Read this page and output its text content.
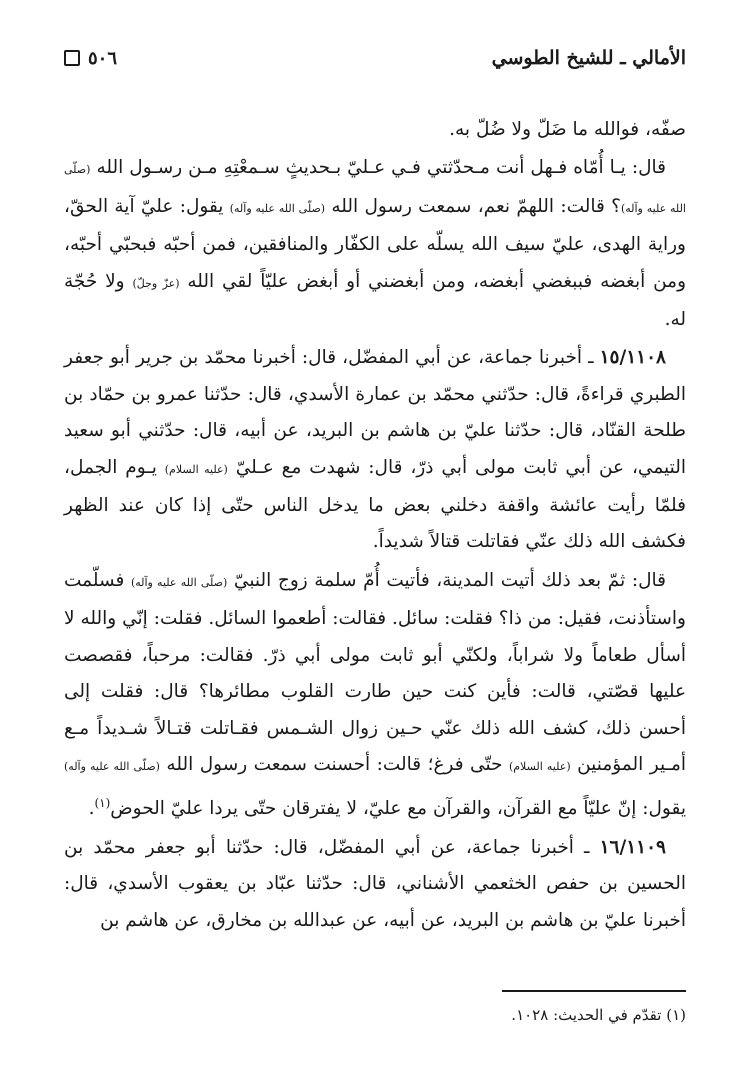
الأمالي ـ للشيخ الطوسي
٥٠٦

صفّه، فوالله ما ضَلّ ولا ضُلّ به.

قال: يـا أُمّاه فـهل أنت مـحدّثتي فـي عـليّ بـحديثٍ سـمعْتِهِ مـن رسـول الله (صلّى الله عليه وآله)؟ قالت: اللهمّ نعم، سمعت رسول الله (صلّى الله عليه وآله) يقول: عليّ آية الحقّ، وراية الهدى، عليّ سيف الله يسلّه على الكفّار والمنافقين، فمن أحبّه فبحبّي أحبّه، ومن أبغضه فببغضي أبغضه، ومن أبغضني أو أبغض عليّاً لقي الله (عزّ وجلّ) ولا حُجّة له.

١٥/١١٠٨ ـ أخبرنا جماعة، عن أبي المفضّل، قال: أخبرنا محمّد بن جرير أبو جعفر الطبري قراءةً، قال: حدّثني محمّد بن عمارة الأسدي، قال: حدّثنا عمرو بن حمّاد بن طلحة القنّاد، قال: حدّثنا عليّ بن هاشم بن البريد، عن أبيه، قال: حدّثني أبو سعيد التيمي، عن أبي ثابت مولى أبي ذرّ، قال: شهدت مع عـليّ (عليه السلام) يـوم الجمل، فلمّا رأيت عائشة واقفة دخلني بعض ما يدخل الناس حتّى إذا كان عند الظهر فكشف الله ذلك عنّي فقاتلت قتالاً شديداً.

قال: ثمّ بعد ذلك أتيت المدينة، فأتيت أُمّ سلمة زوج النبيّ (صلّى الله عليه وآله) فسلّمت واستأذنت، فقيل: من ذا؟ فقلت: سائل. فقالت: أطعموا السائل. فقلت: إنّي والله لا أسأل طعاماً ولا شراباً، ولكنّي أبو ثابت مولى أبي ذرّ. فقالت: مرحباً، فقصصت عليها قصّتي، قالت: فأين كنت حين طارت القلوب مطائرها؟ قال: فقلت إلى أحسن ذلك، كشف الله ذلك عنّي حـين زوال الشـمس فقـاتلت قتـالاً شـديداً مـع أمـير المؤمنين (عليه السلام) حتّى فرغ؛ قالت: أحسنت سمعت رسول الله (صلّى الله عليه وآله) يقول: إنّ عليّاً مع القرآن، والقرآن مع عليّ، لا يفترقان حتّى يردا عليّ الحوض$^{(١)}$.

١٦/١١٠٩ ـ أخبرنا جماعة، عن أبي المفضّل، قال: حدّثنا أبو جعفر محمّد بن الحسين بن حفص الخثعمي الأشناني، قال: حدّثنا عبّاد بن يعقوب الأسدي، قال: أخبرنا عليّ بن هاشم بن البريد، عن أبيه، عن عبدالله بن مخارق، عن هاشم بن

(١) تقدّم في الحديث: ١٠٢٨.
